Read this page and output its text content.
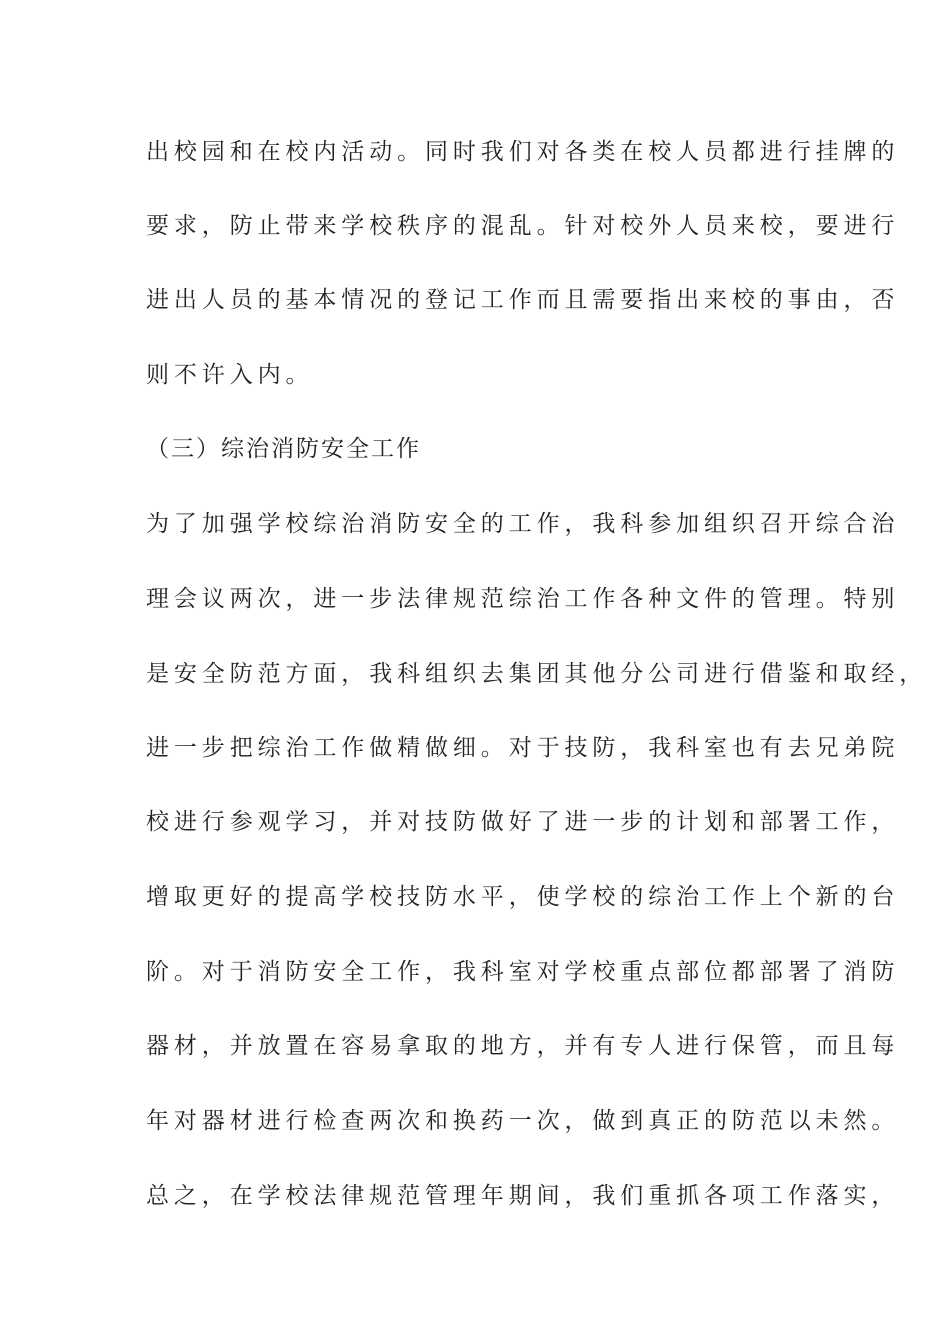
出校园和在校内活动。同时我们对各类在校人员都进行挂牌的
要求，防止带来学校秩序的混乱。针对校外人员来校，要进行
进出人员的基本情况的登记工作而且需要指出来校的事由，否
则不许入内。
（三）综治消防安全工作
为了加强学校综治消防安全的工作，我科参加组织召开综合治
理会议两次，进一步法律规范综治工作各种文件的管理。特别
是安全防范方面，我科组织去集团其他分公司进行借鉴和取经，
进一步把综治工作做精做细。对于技防，我科室也有去兄弟院
校进行参观学习，并对技防做好了进一步的计划和部署工作，
增取更好的提高学校技防水平，使学校的综治工作上个新的台
阶。对于消防安全工作，我科室对学校重点部位都部署了消防
器材，并放置在容易拿取的地方，并有专人进行保管，而且每
年对器材进行检查两次和换药一次，做到真正的防范以未然。
总之，在学校法律规范管理年期间，我们重抓各项工作落实，
